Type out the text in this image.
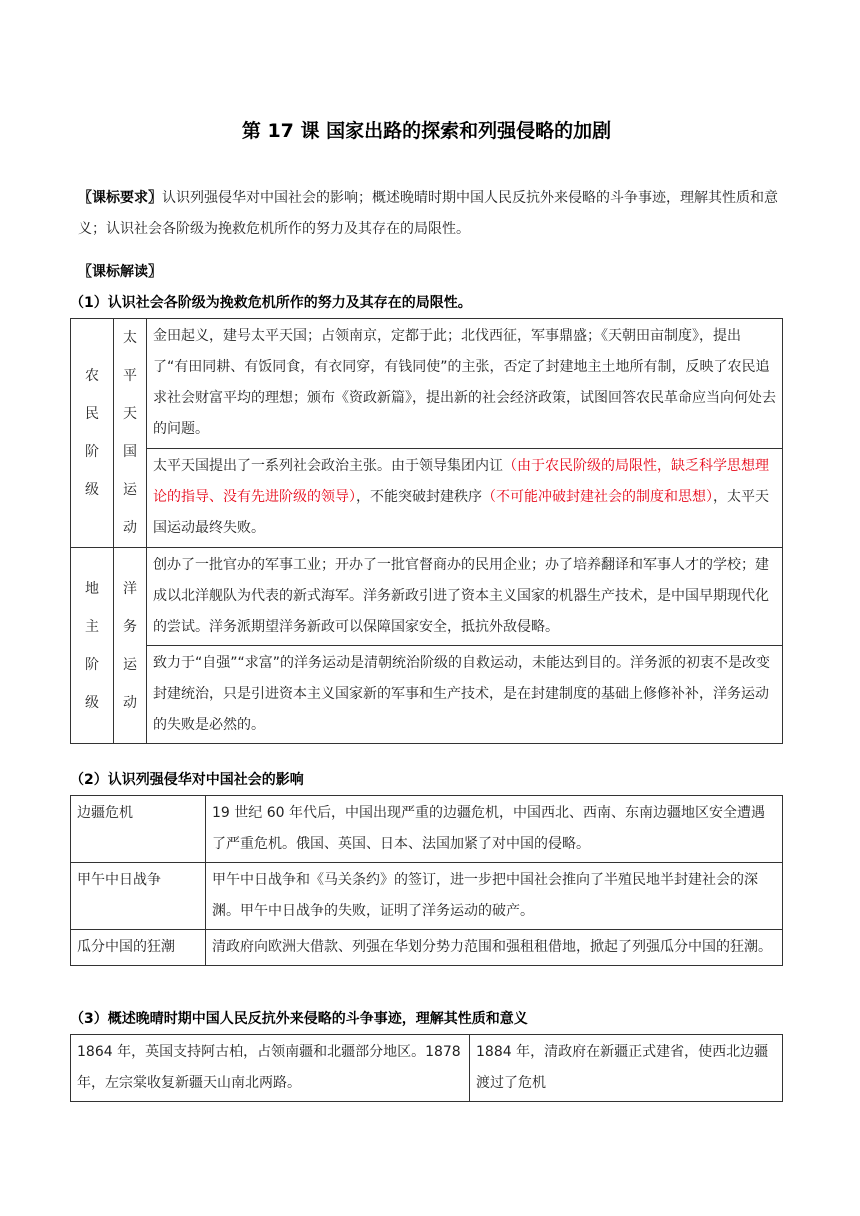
第 17 课 国家出路的探索和列强侵略的加剧
〖课标要求〗认识列强侵华对中国社会的影响；概述晚晴时期中国人民反抗外来侵略的斗争事迹，理解其性质和意义；认识社会各阶级为挽救危机所作的努力及其存在的局限性。
〖课标解读〗
（1）认识社会各阶级为挽救危机所作的努力及其存在的局限性。
农民阶级	太平天国运动	金田起义，建号太平天国；占领南京，定都于此；北伐西征，军事鼎盛；《天朝田亩制度》，提出了“有田同耕、有饭同食，有衣同穿，有钱同使”的主张，否定了封建地主土地所有制，反映了农民追求社会财富平均的理想；颁布《资政新篇》，提出新的社会经济政策，试图回答农民革命应当向何处去的问题。
		太平天国提出了一系列社会政治主张。由于领导集团内讧（由于农民阶级的局限性，缺乏科学思想理论的指导、没有先进阶级的领导），不能突破封建秩序（不可能冲破封建社会的制度和思想），太平天国运动最终失败。
地主阶级	洋务运动	创办了一批官办的军事工业；开办了一批官督商办的民用企业；办了培养翻译和军事人才的学校；建成以北洋舰队为代表的新式海军。洋务新政引进了资本主义国家的机器生产技术，是中国早期现代化的尝试。洋务派期望洋务新政可以保障国家安全，抵抗外敌侵略。
		致力于“自强”“求富”的洋务运动是清朝统治阶级的自救运动，未能达到目的。洋务派的初衷不是改变封建统治，只是引进资本主义国家新的军事和生产技术，是在封建制度的基础上修修补补，洋务运动的失败是必然的。
（2）认识列强侵华对中国社会的影响
边疆危机	19 世纪 60 年代后，中国出现严重的边疆危机，中国西北、西南、东南边疆地区安全遭遇了严重危机。俄国、英国、日本、法国加紧了对中国的侵略。
甲午中日战争	甲午中日战争和《马关条约》的签订，进一步把中国社会推向了半殖民地半封建社会的深渊。甲午中日战争的失败，证明了洋务运动的破产。
瓜分中国的狂潮	清政府向欧洲大借款、列强在华划分势力范围和强租租借地，掀起了列强瓜分中国的狂潮。
（3）概述晚晴时期中国人民反抗外来侵略的斗争事迹，理解其性质和意义
1864 年，英国支持阿古柏，占领南疆和北疆部分地区。1878 年，左宗棠收复新疆天山南北两路。	1884 年，清政府在新疆正式建省，使西北边疆渡过了危机
